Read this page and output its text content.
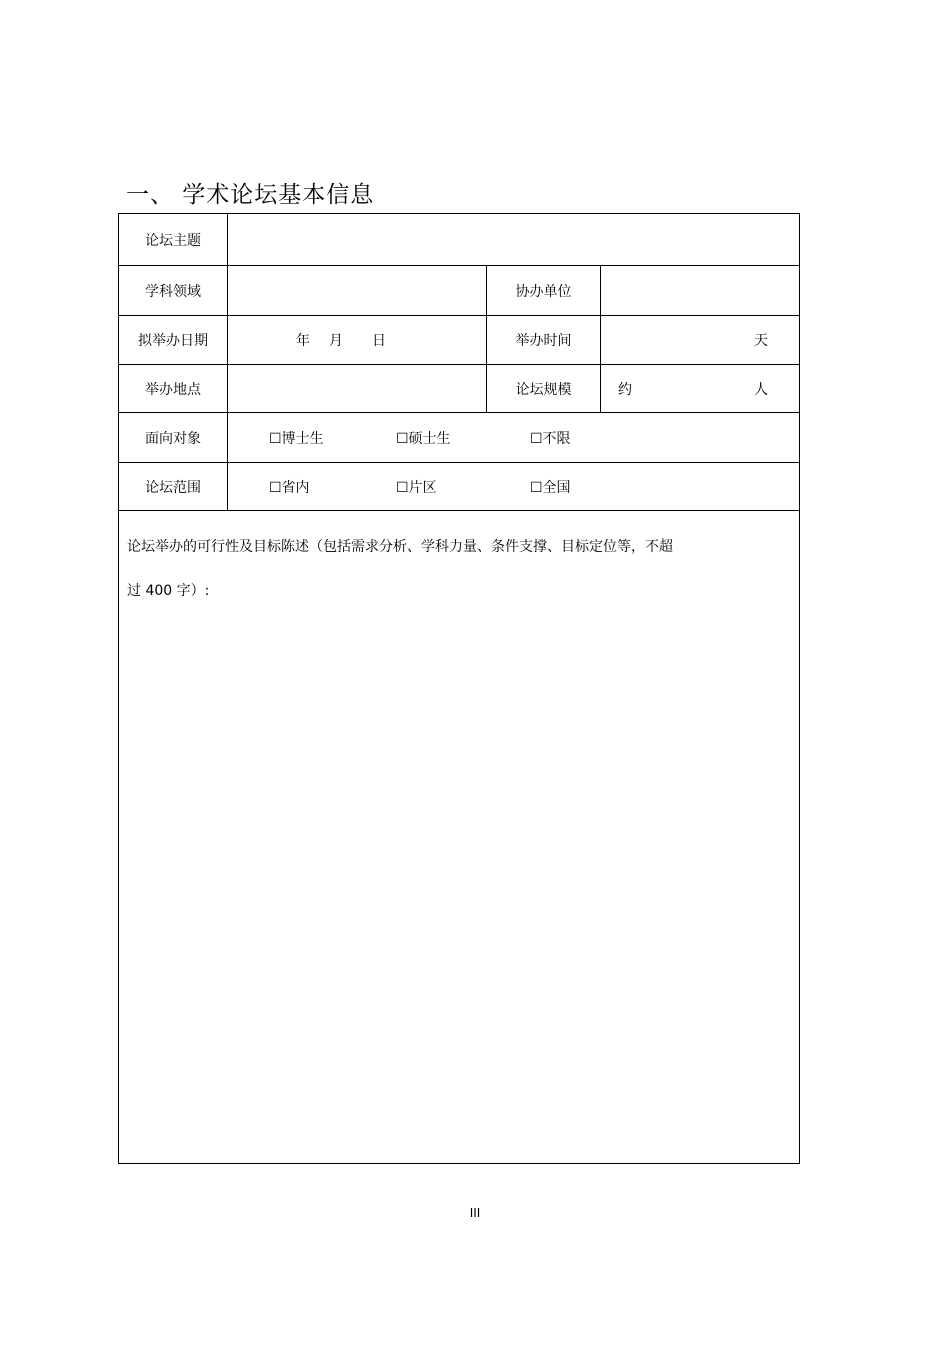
一、 学术论坛基本信息
论坛主题			
学科领域		协办单位	
拟举办日期	年 月 日	举办时间	天

举办地点		论坛规模	约 人

面向对象	☐博士生 ☐硕士生 ☐不限		

论坛范围	☐省内 ☐片区 ☐全国		

论坛举办的可行性及目标陈述（包括需求分析、学科力量、条件支撑、目标定位等，不超
过 400 字）:			
III
